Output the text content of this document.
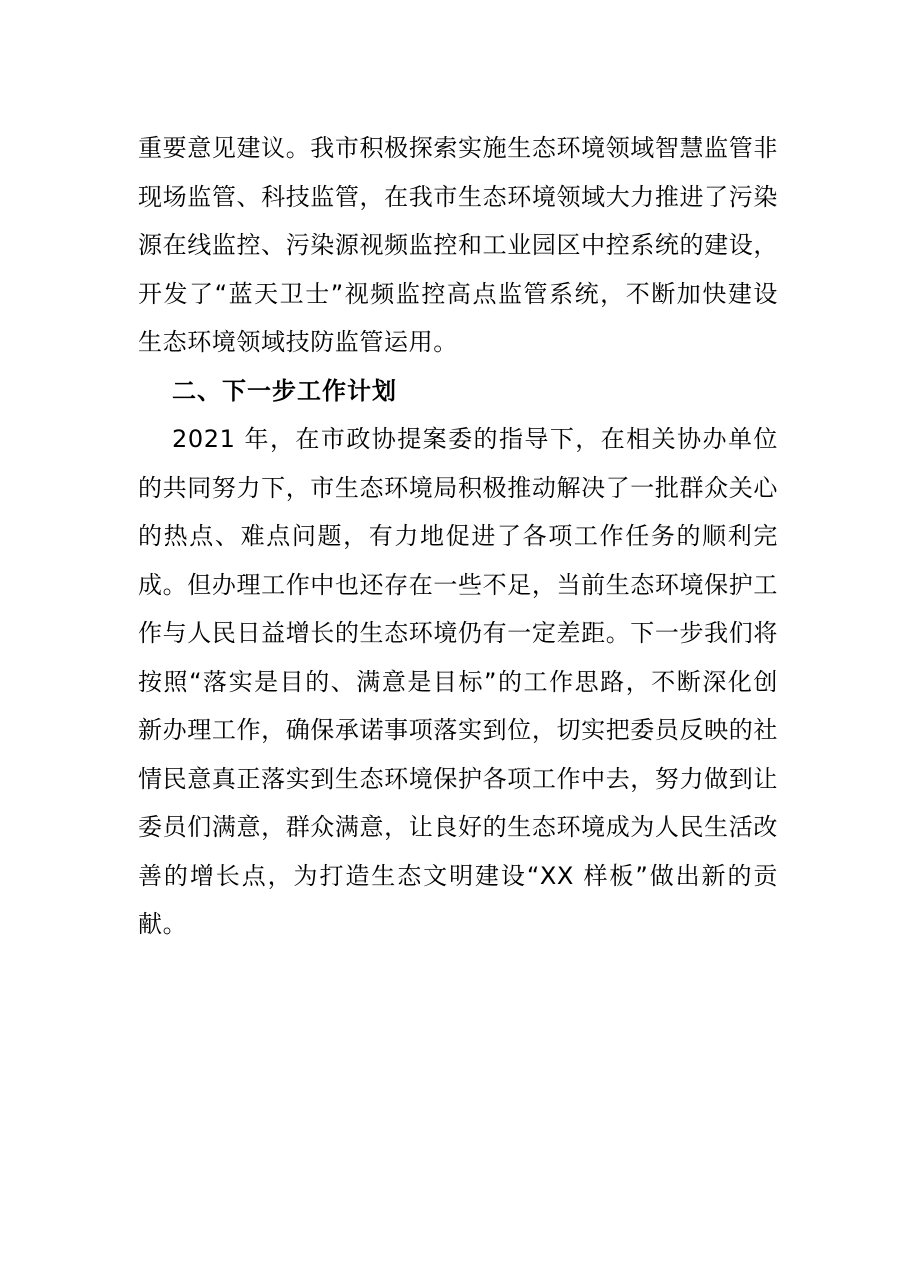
重要意见建议。我市积极探索实施生态环境领域智慧监管非现场监管、科技监管，在我市生态环境领域大力推进了污染源在线监控、污染源视频监控和工业园区中控系统的建设，开发了“蓝天卫士”视频监控高点监管系统，不断加快建设生态环境领域技防监管运用。

二、下一步工作计划

2021 年，在市政协提案委的指导下，在相关协办单位的共同努力下，市生态环境局积极推动解决了一批群众关心的热点、难点问题，有力地促进了各项工作任务的顺利完成。但办理工作中也还存在一些不足，当前生态环境保护工作与人民日益增长的生态环境仍有一定差距。下一步我们将按照“落实是目的、满意是目标”的工作思路，不断深化创新办理工作，确保承诺事项落实到位，切实把委员反映的社情民意真正落实到生态环境保护各项工作中去，努力做到让委员们满意，群众满意，让良好的生态环境成为人民生活改善的增长点，为打造生态文明建设“XX 样板”做出新的贡献。
